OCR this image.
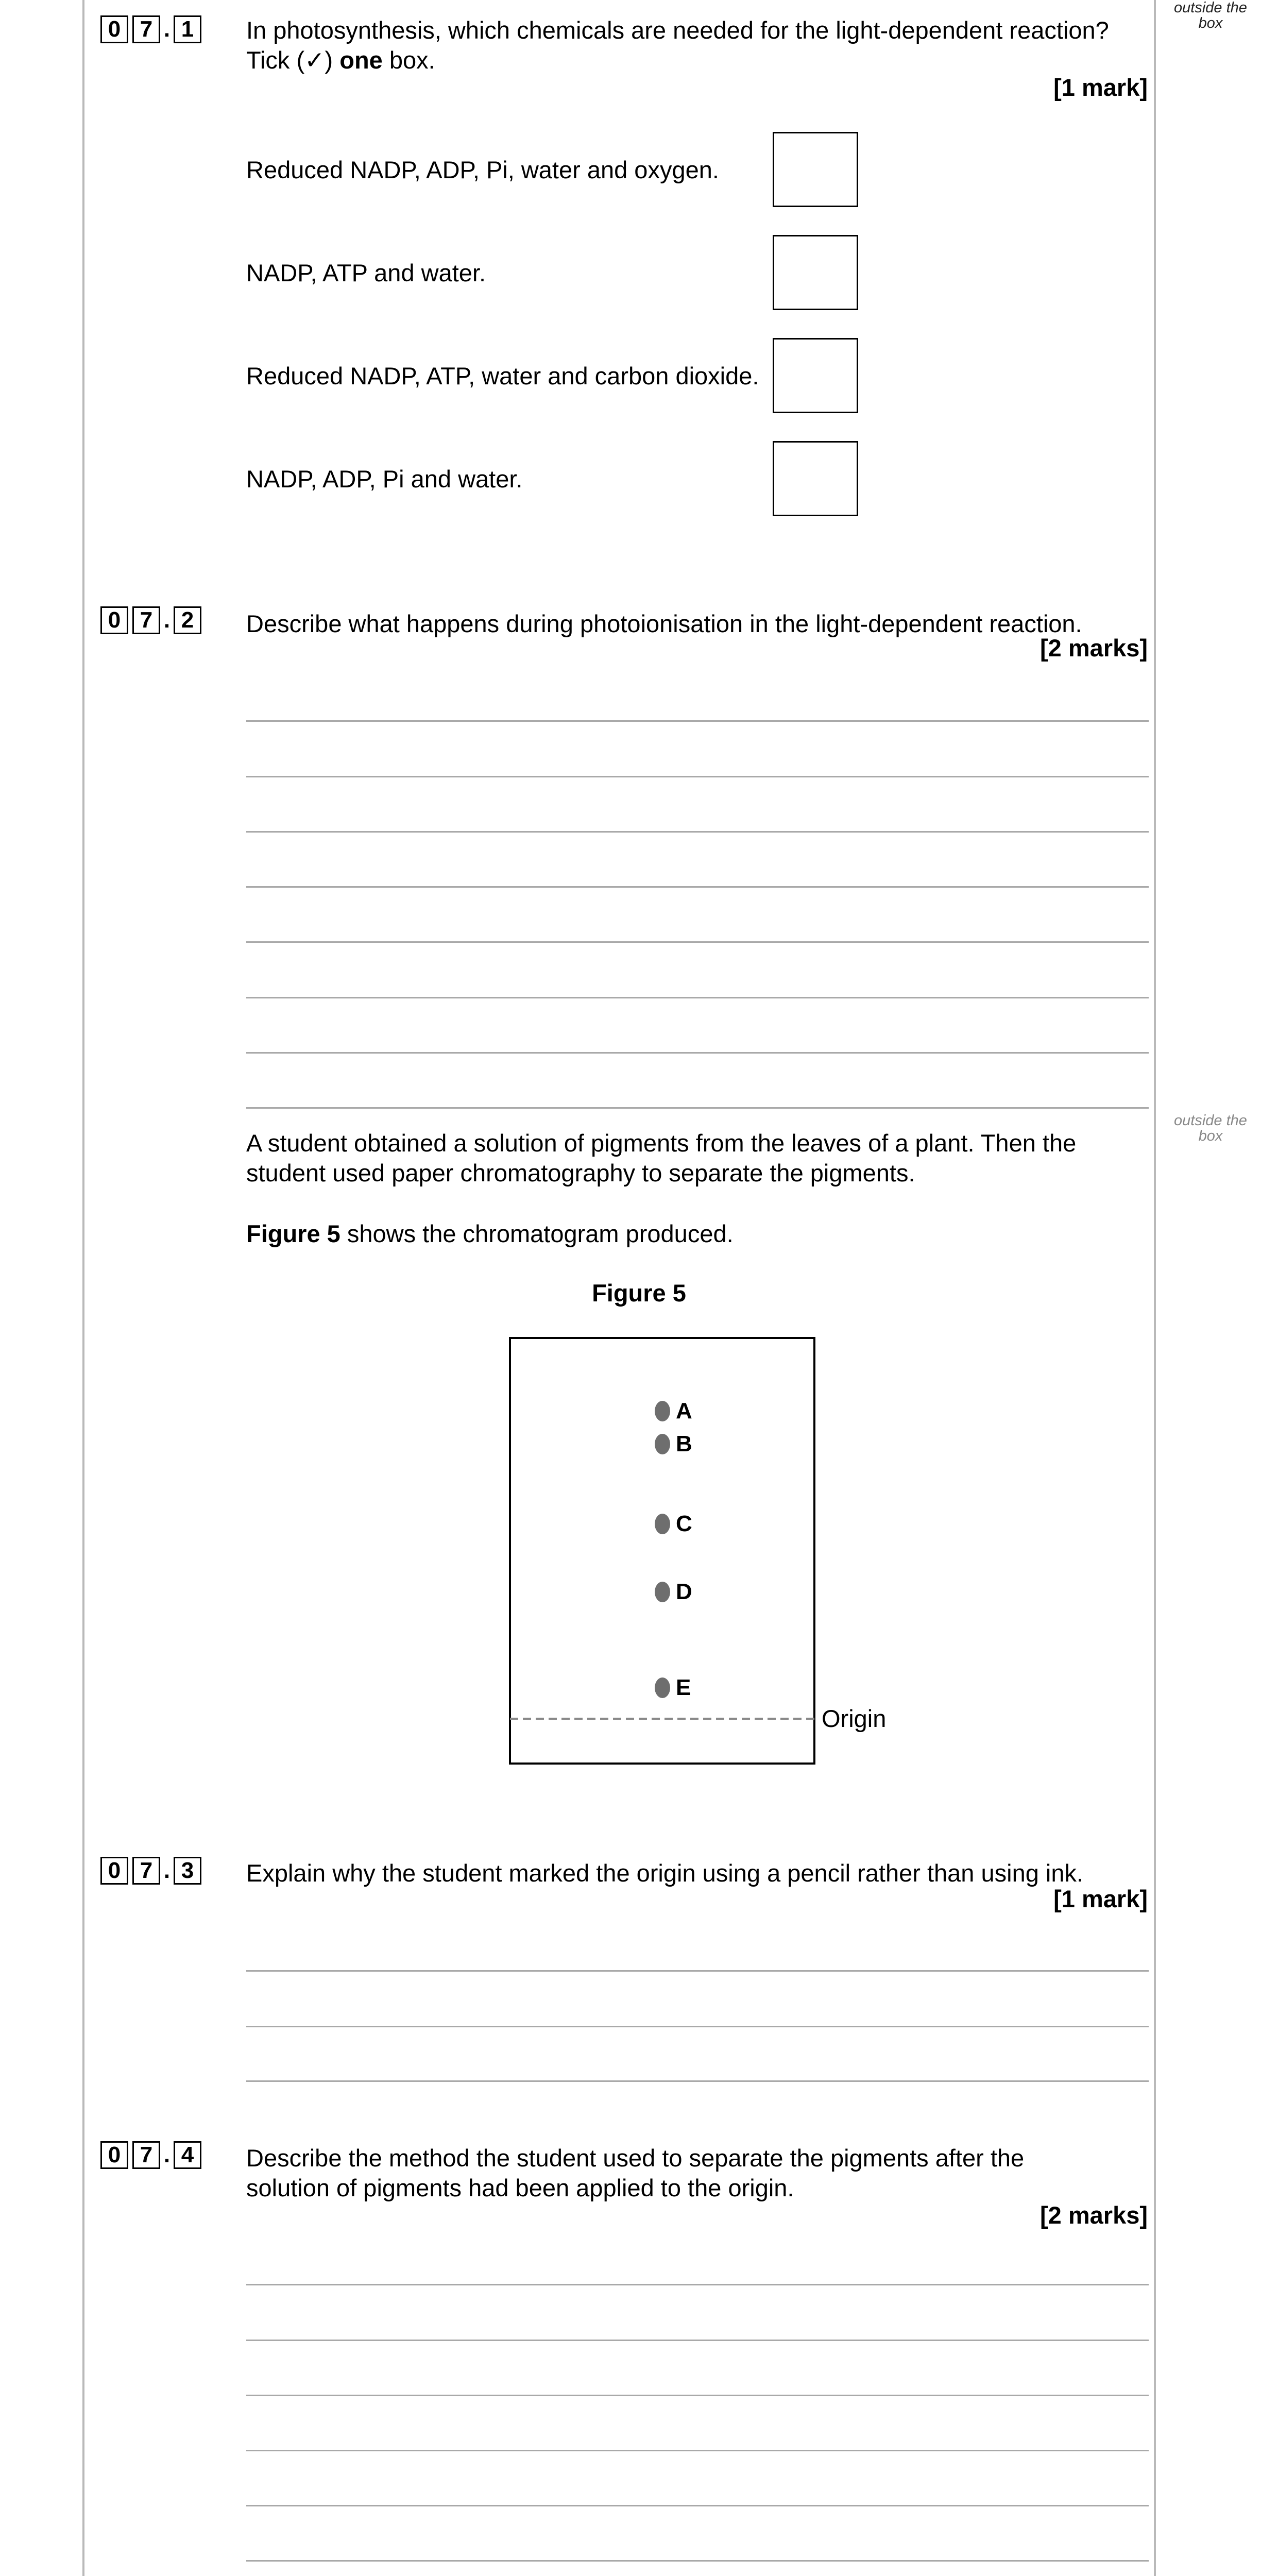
outside the box
outside the box
0 7 . 1	In photosynthesis, which chemicals are needed for the light-dependent reaction?
Tick (✓) one box.
[1 mark]
Reduced NADP, ADP, Pi, water and oxygen.
NADP, ATP and water.
Reduced NADP, ATP, water and carbon dioxide.
NADP, ADP, Pi and water.
0 7 . 2	Describe what happens during photoionisation in the light-dependent reaction.
[2 marks]
A student obtained a solution of pigments from the leaves of a plant. Then the
student used paper chromatography to separate the pigments.
Figure 5 shows the chromatogram produced.
Figure 5
A
B
C
D
E
Origin
0 7 . 3	Explain why the student marked the origin using a pencil rather than using ink.
[1 mark]
0 7 . 4	Describe the method the student used to separate the pigments after the
solution of pigments had been applied to the origin.
[2 marks]
